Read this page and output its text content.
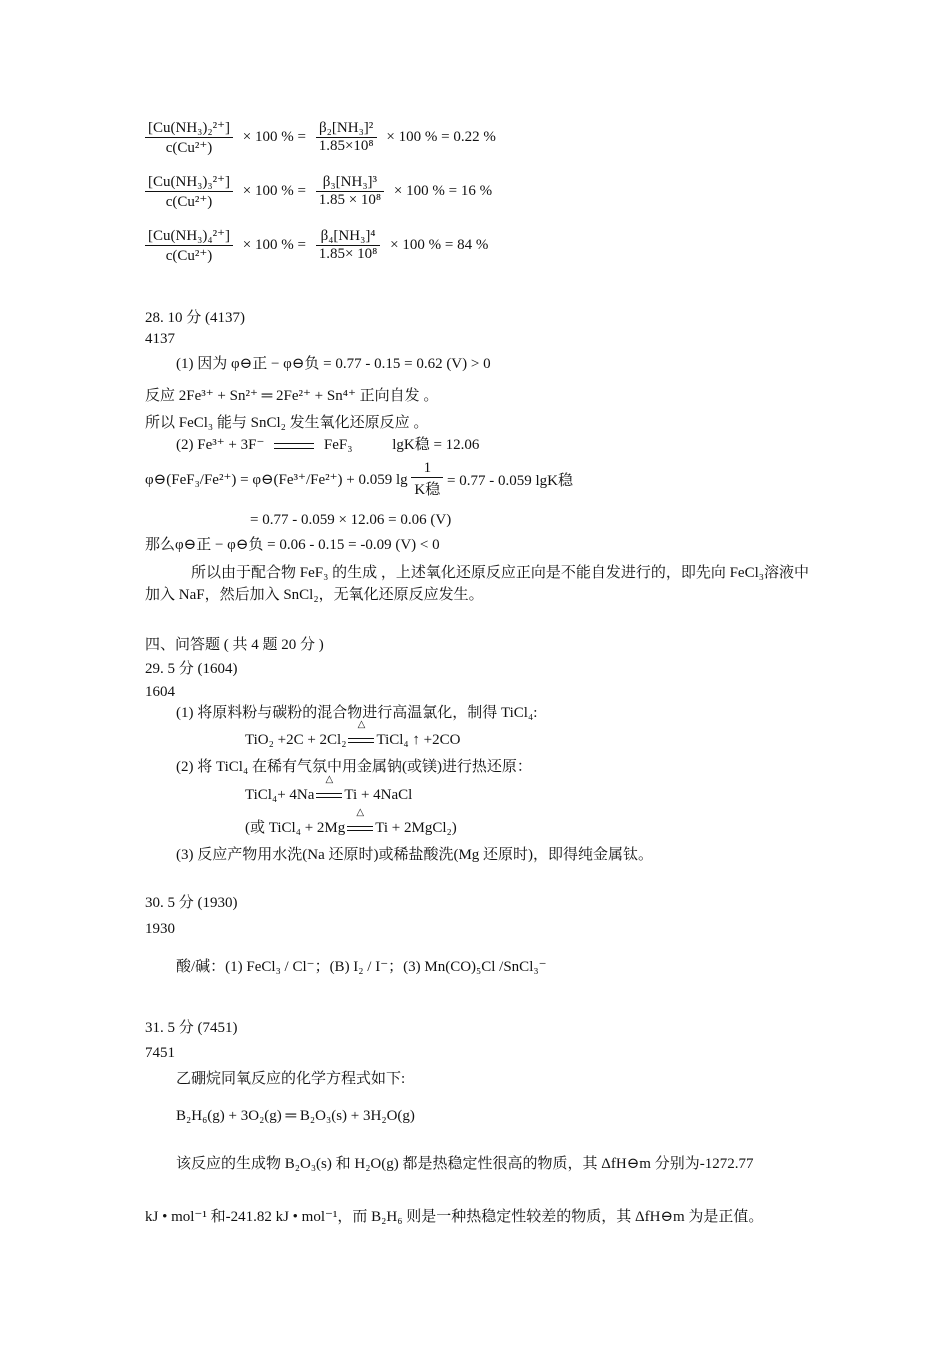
$\frac{\text{[Cu(NH₃)₂²⁺]}}{\text{c(Cu²⁺)}} \times 100$ % = $\frac{\text{β₂[NH₃]²}}{\text{1.85×10⁸}} \times 100$ % = 0.22 %
$\frac{\text{[Cu(NH₃)₃²⁺]}}{\text{c(Cu²⁺)}} \times 100$ % = $\frac{\text{β₃[NH₃]³}}{\text{1.85 × 10⁸}} \times 100$ % = 16 %
$\frac{\text{[Cu(NH₃)₄²⁺]}}{\text{c(Cu²⁺)}} \times 100$ % = $\frac{\text{β₄[NH₃]⁴}}{\text{1.85× 10⁸}} \times 100$ % = 84 %
28. 10 分 (4137)
4137
(1) 因为 φ⊖正 − φ⊖负 = 0.77 - 0.15 = 0.62 (V) > 0
反应 2Fe³⁺ + Sn²⁺ ═ 2Fe²⁺ + Sn⁴⁺ 正向自发 。
所以 FeCl₃ 能与 SnCl₂ 发生氧化还原反应 。
(2) Fe³⁺ + 3F⁻	FeF₃	lgK稳 = 12.06
φ⊖(FeF₃/Fe²⁺) = φ⊖(Fe³⁺/Fe²⁺) + 0.059 $\lg \frac{1}{\text{K稳}} = 0.77 - 0.059$ lgK稳
= 0.77 - 0.059 × 12.06 = 0.06 (V)
那么φ⊖正 − φ⊖负 = 0.06 - 0.15 = -0.09 (V) < 0
所以由于配合物 FeF₃ 的生成 ，上述氧化还原反应正向是不能自发进行的，即先向 FeCl₃溶液中加入 NaF，然后加入 SnCl₂，无氧化还原反应发生。
四、问答题 ( 共 4 题 20 分 )
29. 5 分 (1604)
1604
(1) 将原料粉与碳粉的混合物进行高温氯化，制得 TiCl₄:
TiO₂ +2C + 2Cl₂ △ TiCl₄ ↑ +2CO
(2) 将 TiCl₄ 在稀有气氛中用金属钠(或镁)进行热还原：
TiCl₄+ 4Na △ Ti + 4NaCl
(或 TiCl₄ + 2Mg △ Ti + 2MgCl₂)
(3) 反应产物用水洗(Na 还原时)或稀盐酸洗(Mg 还原时)，即得纯金属钛。
30. 5 分 (1930)
1930
酸/碱：(1) FeCl₃ / Cl⁻；(B) I₂ / I⁻；(3) Mn(CO)₅Cl /SnCl₃⁻
31. 5 分 (7451)
7451
乙硼烷同氧反应的化学方程式如下:
B₂H₆(g) + 3O₂(g) ═ B₂O₃(s) + 3H₂O(g)
该反应的生成物 B₂O₃(s) 和 H₂O(g) 都是热稳定性很高的物质，其 ΔfH⊖m 分别为-1272.77
kJ • mol⁻¹ 和-241.82 kJ • mol⁻¹，而 B₂H₆ 则是一种热稳定性较差的物质，其 ΔfH⊖m 为是正值。
